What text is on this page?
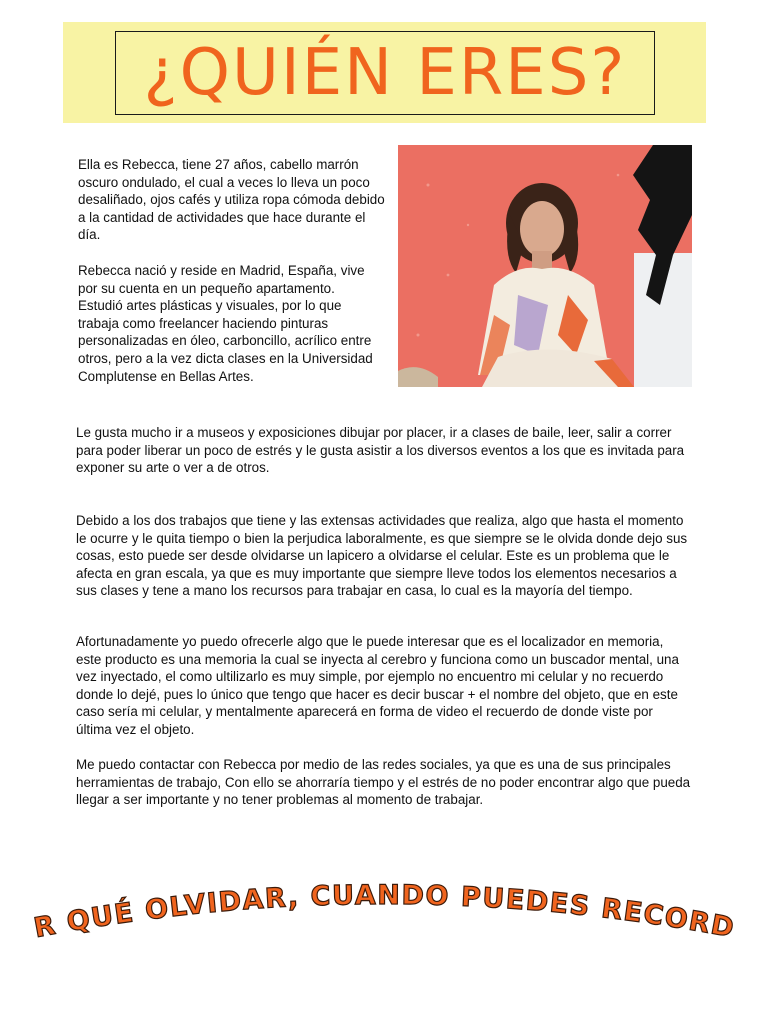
¿QUIÉN ERES?

Ella es Rebecca, tiene 27 años, cabello marrón oscuro ondulado, el cual a veces lo lleva un poco desaliñado, ojos cafés y utiliza ropa cómoda debido a la cantidad de actividades que hace durante el día.

Rebecca nació y reside en Madrid, España, vive por su cuenta en un pequeño apartamento. Estudió artes plásticas y visuales, por lo que trabaja como freelancer haciendo pinturas personalizadas en óleo, carboncillo, acrílico entre otros, pero a la vez dicta clases en la Universidad Complutense en Bellas Artes.

Le gusta mucho ir a museos y exposiciones dibujar por placer, ir a clases de baile, leer, salir a correr para poder liberar un poco de estrés y le gusta asistir a los diversos eventos a los que es invitada para exponer su arte o ver a de otros.

Debido a los dos trabajos que tiene y las extensas actividades que realiza, algo que hasta el momento le ocurre y le quita tiempo o bien la perjudica laboralmente, es que siempre se le olvida donde dejo sus cosas, esto puede ser desde olvidarse un lapicero a olvidarse el celular. Este es un problema que le afecta en gran escala, ya que es muy importante que siempre lleve todos los elementos necesarios a sus clases y tene a mano los recursos para trabajar en casa, lo cual es la mayoría del tiempo.

Afortunadamente yo puedo ofrecerle algo que le puede interesar que es el localizador en memoria, este producto es una memoria la cual se inyecta al cerebro y funciona como un buscador mental, una vez inyectado, el como ultilizarlo es muy simple, por ejemplo no encuentro mi celular y no recuerdo donde lo dejé, pues lo único que tengo que hacer es decir buscar + el nombre del objeto, que en este caso sería mi celular, y mentalmente aparecerá en forma de video el recuerdo de donde viste por última vez el objeto.

Me puedo contactar con Rebecca por medio de las redes sociales, ya que es una de sus principales herramientas de trabajo, Con ello se ahorraría tiempo y el estrés de no poder encontrar algo que pueda llegar a ser importante y no tener problemas al momento de trabajar.

R QUÉ OLVIDAR, CUANDO PUEDES RECORD
